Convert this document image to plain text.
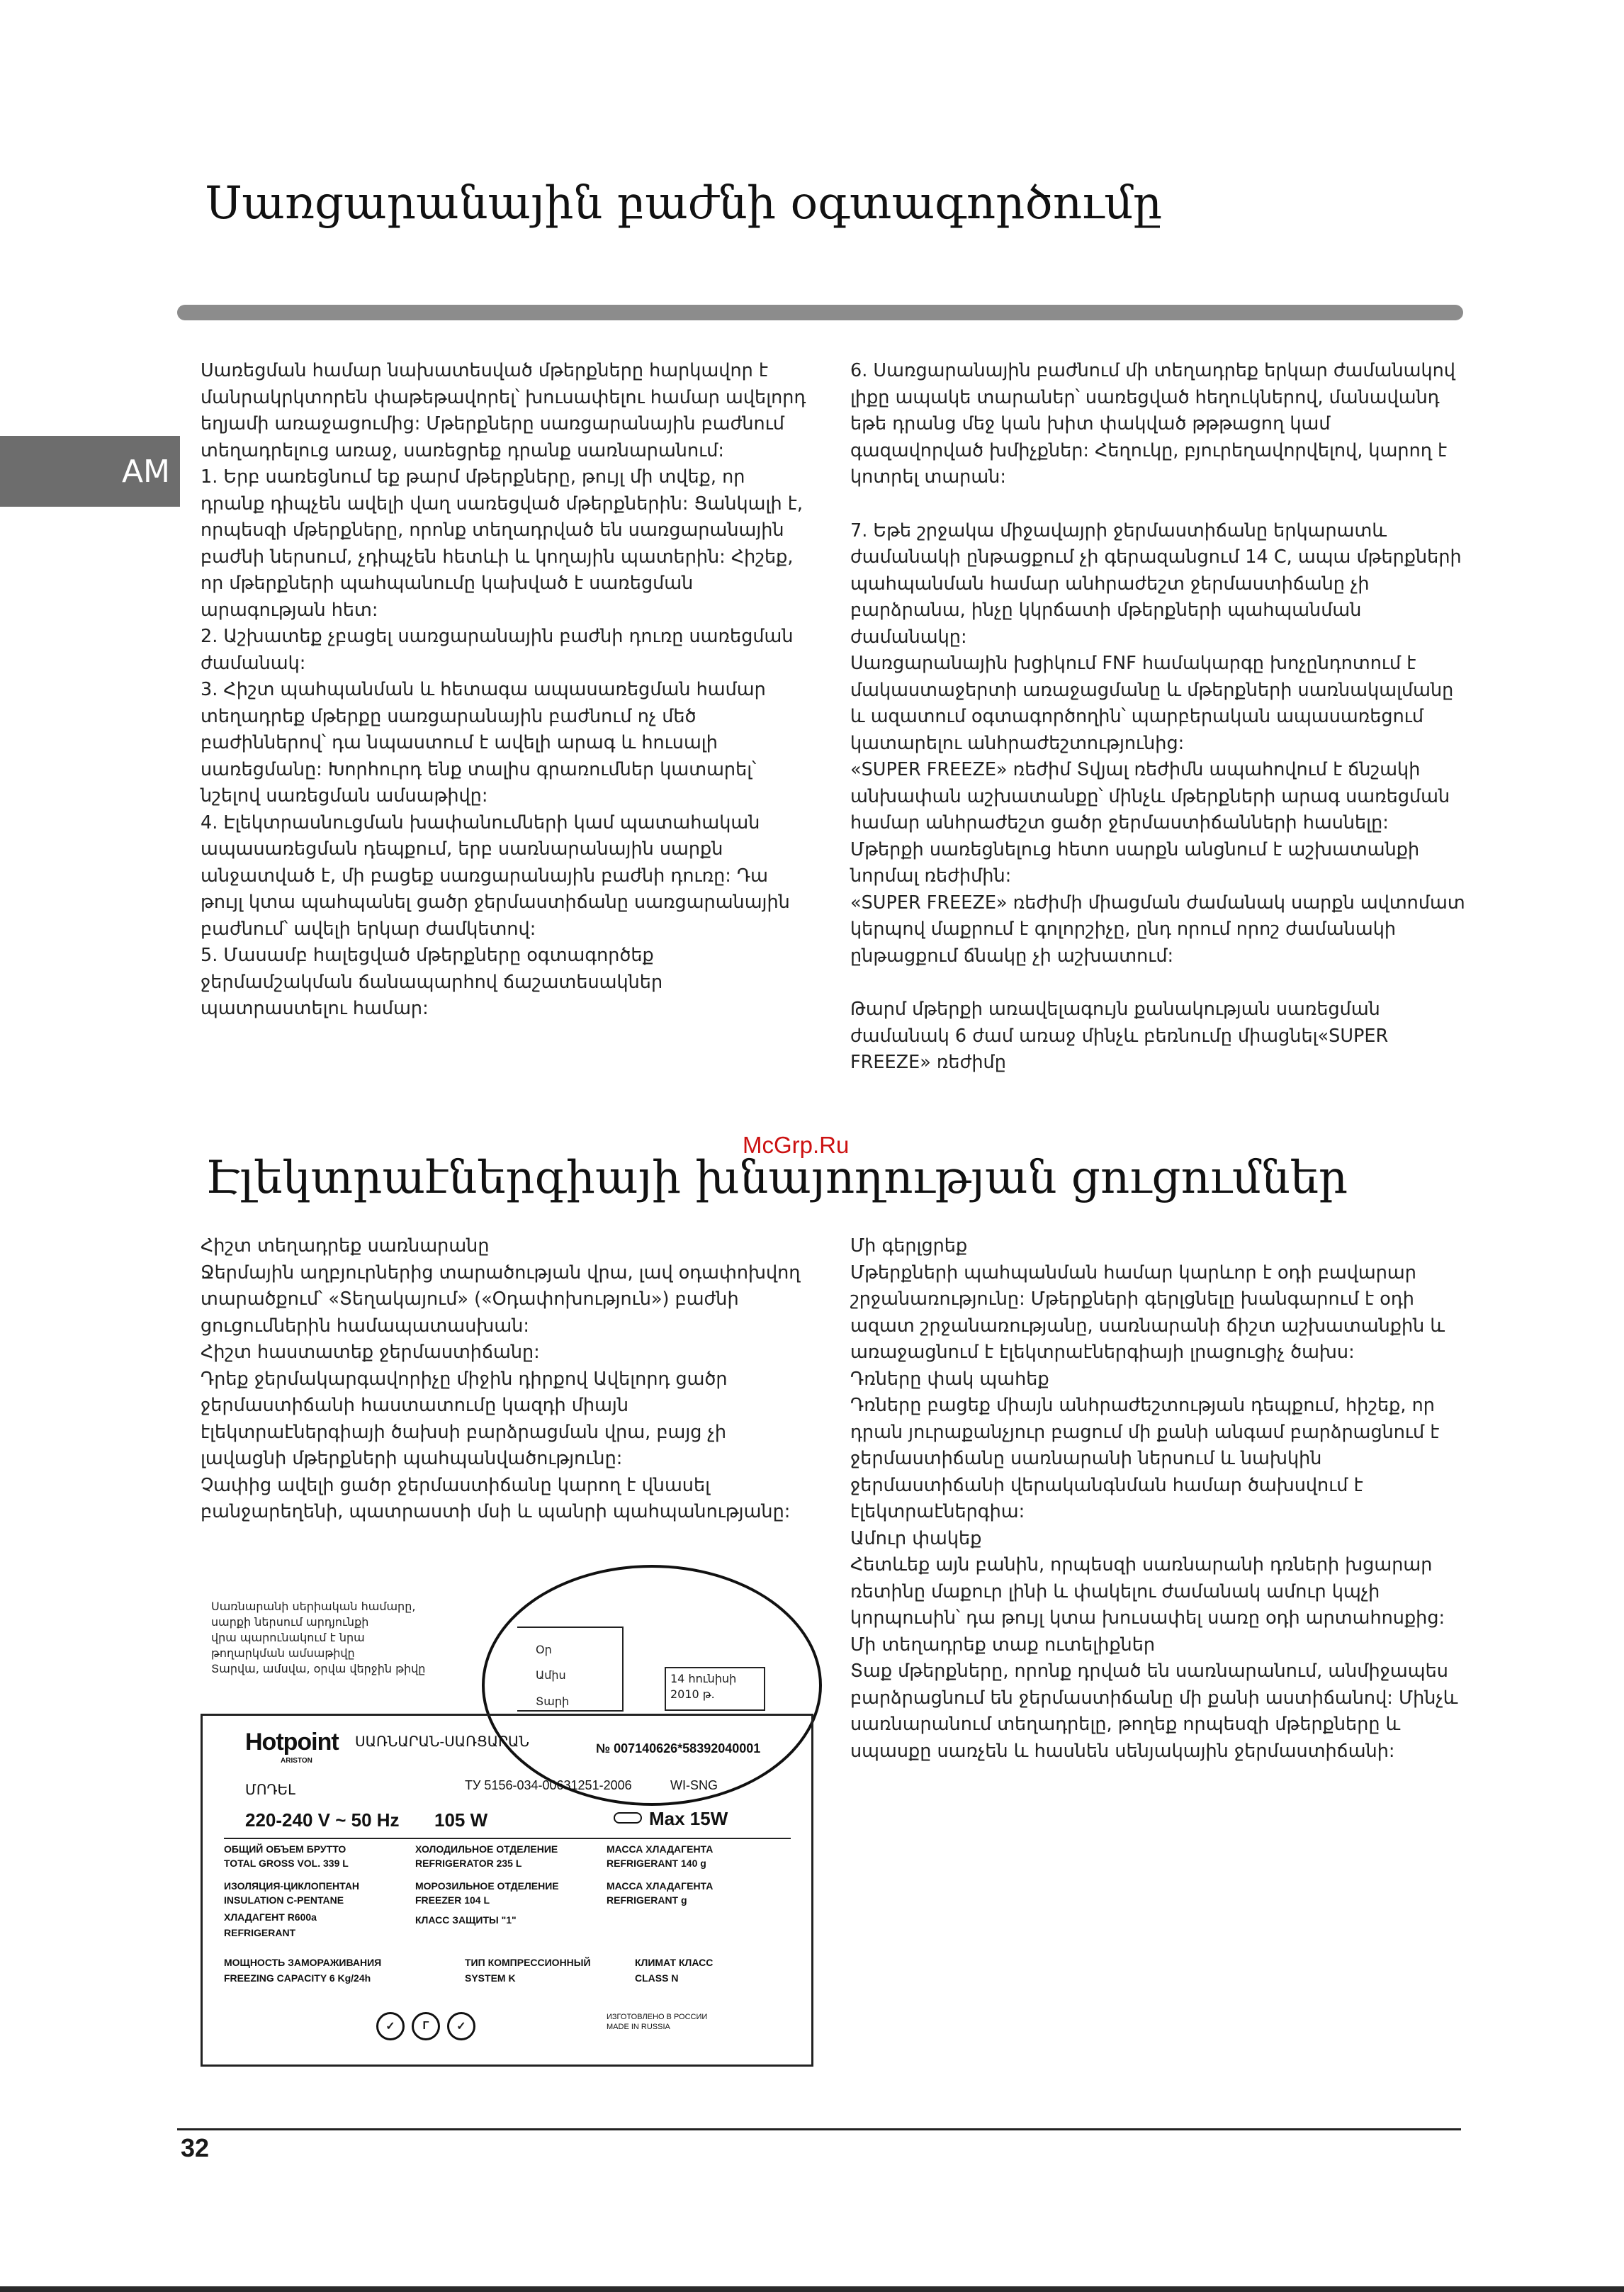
AM
Սառցարանային բաժնի օգտագործումը

Սառեցման համար նախատեսված մթերքները հարկավոր է մանրակրկտորեն փաթեթավորել՝ խուսափելու համար ավելորդ եղյամի առաջացումից: Մթերքները սառցարանային բաժնում տեղադրելուց առաջ, սառեցրեք դրանք սառնարանում:

1. Երբ սառեցնում եք թարմ մթերքները, թույլ մի տվեք, որ դրանք դիպչեն ավելի վաղ սառեցված մթերքներին: Ցանկալի է, որպեսզի մթերքները, որոնք տեղադրված են սառցարանային բաժնի ներսում, չդիպչեն հետևի և կողային պատերին: Հիշեք, որ մթերքների պահպանումը կախված է սառեցման արագության հետ:

2. Աշխատեք չբացել սառցարանային բաժնի դուռը սառեցման ժամանակ:

3. Հիշտ պահպանման և հետագա ապասառեցման համար տեղադրեք մթերքը սառցարանային բաժնում ոչ մեծ բաժիններով՝ դա նպաստում է ավելի արագ և հուսալի սառեցմանը: Խորհուրդ ենք տալիս գրառումներ կատարել՝ նշելով սառեցման ամսաթիվը:

4. Էլեկտրասնուցման խափանումների կամ պատահական ապասառեցման դեպքում, երբ սառնարանային սարքն անջատված է, մի բացեք սառցարանային բաժնի դուռը: Դա թույլ կտա պահպանել ցածր ջերմաստիճանը սառցարանային բաժնում՝ ավելի երկար ժամկետով:

5. Մասամբ հալեցված մթերքները օգտագործեք ջերմամշակման ճանապարհով ճաշատեսակներ պատրաստելու համար:

6. Սառցարանային բաժնում մի տեղադրեք երկար ժամանակով լիքը ապակե տարաներ՝ սառեցված հեղուկներով, մանավանդ եթե դրանց մեջ կան խիտ փակված թթթացող կամ գազավորված խմիչքներ: Հեղուկը, բյուրեղավորվելով, կարող է կոտրել տարան:

7. Եթե շրջակա միջավայրի ջերմաստիճանը երկարատև ժամանակի ընթացքում չի գերազանցում 14 C, ապա մթերքների պահպանման համար անհրաժեշտ ջերմաստիճանը չի բարձրանա, ինչը կկրճատի մթերքների պահպանման ժամանակը:

Սառցարանային խցիկում FNF համակարգը խոչընդոտում է մակաստաջերտի առաջացմանը և մթերքների սառնակալմանը և ազատում օգտագործողին՝ պարբերական ապասառեցում կատարելու անհրաժեշտությունից:

«SUPER FREEZE» ռեժիմ Տվյալ ռեժիմն ապահովում է ճնշակի անխափան աշխատանքը՝ մինչև մթերքների արագ սառեցման համար անհրաժեշտ ցածր ջերմաստիճանների հասնելը: Մթերքի սառեցնելուց հետո սարքն անցնում է աշխատանքի նորմալ ռեժիմին:

«SUPER FREEZE» ռեժիմի միացման ժամանակ սարքն ավտոմատ կերպով մաքրում է գոլորշիչը, ընդ որում որոշ ժամանակի ընթացքում ճնակը չի աշխատում:

Թարմ մթերքի առավելագույն քանակության սառեցման ժամանակ 6 ժամ առաջ մինչև բեռնումը միացնել«SUPER FREEZE» ռեժիմը

McGrp.Ru
Էլեկտրաէներգիայի խնայողության ցուցումներ

Հիշտ տեղադրեք սառնարանը

Ջերմային աղբյուրներից տարածության վրա, լավ օդափոխվող տարածքում՝ «Տեղակայում» («Օդափոխություն») բաժնի ցուցումներին համապատասխան:

Հիշտ հաստատեք ջերմաստիճանը:

Դրեք ջերմակարգավորիչը միջին դիրքով Ավելորդ ցածր ջերմաստիճանի հաստատումը կազդի միայն էլեկտրաէներգիայի ծախսի բարձրացման վրա, բայց չի լավացնի մթերքների պահպանվածությունը:

Չափից ավելի ցածր ջերմաստիճանը կարող է վնասել բանջարեղենի, պատրաստի մսի և պանրի պահպանությանը:

Մի գերլցրեք

Մթերքների պահպանման համար կարևոր է օդի բավարար շրջանառությունը: Մթերքների գերլցնելը խանգարում է օդի ազատ շրջանառությանը, սառնարանի ճիշտ աշխատանքին և առաջացնում է էլեկտրաէներգիայի լրացուցիչ ծախս:

Դռները փակ պահեք

Դռները բացեք միայն անհրաժեշտության դեպքում, հիշեք, որ դրան յուրաքանչյուր բացում մի քանի անգամ բարձրացնում է ջերմաստիճանը սառնարանի ներսում և նախկին ջերմաստիճանի վերականգնման համար ծախսվում է էլեկտրաէներգիա:

Ամուր փակեք

Հետևեք այն բանին, որպեսզի սառնարանի դռների խցարար ռետինը մաքուր լինի և փակելու ժամանակ ամուր կպչի կորպուսին՝ դա թույլ կտա խուսափել սառը օդի արտահոսքից:

Մի տեղադրեք տաք ուտելիքներ

Տաք մթերքները, որոնք դրված են սառնարանում, անմիջապես բարձրացնում են ջերմաստիճանը մի քանի աստիճանով: Մինչև սառնարանում տեղադրելը, թողեք որպեսզի մթերքները և սպասքը սառչեն և հասնեն սենյակային ջերմաստիճանի:

Սառնարանի սերիական համարը,

սարքի ներսում արդյունքի

վրա պարունակում է նրա

թողարկման ամսաթիվը

Տարվա, ամսվա, օրվա վերջին թիվը

Օր
Ամիս
Տարի
14 հունիսի
2010 թ.
Hotpoint
ARISTON
ՍԱՌՆԱՐԱՆ-ՍԱՌՑԱՐԱՆ	№ 007140626*58392040001
ՄՈԴԵԼ	ТУ 5156-034-00631251-2006	WI-SNG
220-240 V ~ 50 Hz 105 W	Max 15W
ОБЩИЙ ОБЪЕМ БРУТТО	ХОЛОДИЛЬНОЕ ОТДЕЛЕНИЕ	МАССА ХЛАДАГЕНТА
TOTAL GROSS VOL. 339 L	REFRIGERATOR 235 L	REFRIGERANT 140 g
ИЗОЛЯЦИЯ-ЦИКЛОПЕНТАН	МОРОЗИЛЬНОЕ ОТДЕЛЕНИЕ	МАССА ХЛАДАГЕНТА
INSULATION C-PENTANE	FREEZER 104 L	REFRIGERANT g
ХЛАДАГЕНТ R600a	КЛАСС ЗАЩИТЫ "1"
REFRIGERANT
МОЩНОСТЬ ЗАМОРАЖИВАНИЯ	ТИП КОМПРЕССИОННЫЙ	КЛИМАТ КЛАСС
FREEZING CAPACITY 6 Kg/24h	SYSTEM K	CLASS N
✓	Г	✓
ИЗГОТОВЛЕНО В РОССИИ
MADE IN RUSSIA
32
